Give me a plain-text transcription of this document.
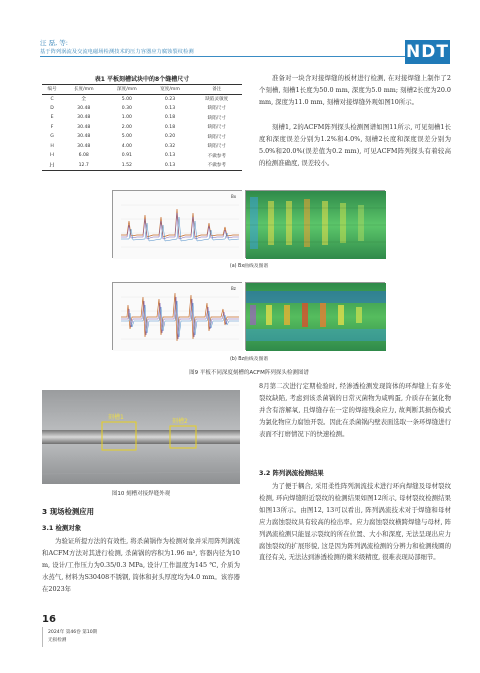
汪 磊, 等:
基于阵列涡流及交流电磁场检测技术的压力容器应力腐蚀裂纹检测	NDT
表1 平板刻槽试块中的8个缝槽尺寸
编号	长度/mm	深度/mm	宽度/mm	备注
C	全	5.00	0.23	缺陷灵敏度
D	30.48	0.30	0.13	缺陷尺寸
E	30.48	1.00	0.18	缺陷尺寸
F	30.48	2.00	0.18	缺陷尺寸
G	30.48	5.00	0.20	缺陷尺寸
H	30.48	4.00	0.32	缺陷尺寸
I-I	6.08	0.91	0.13	不做参考
J-J	12.7	1.52	0.13	不做参考

准备对一块含对接焊缝的板材进行检测, 在对接焊缝上制作了2个刻槽, 刻槽1长度为50.0 mm, 深度为5.0 mm; 刻槽2长度为20.0 mm, 深度为11.0 mm, 刻槽对接焊缝外观如图10所示。

刻槽1, 2的ACFM阵列探头检测图谱如图11所示, 可见刻槽1长度和深度误差分别为1.2%和4.0%, 刻槽2长度和深度误差分别为5.0%和20.0%(误差值为0.2 mm), 可见ACFM阵列探头有着较高的检测准确度, 误差较小。

Bx
(a) Bx曲线及图谱
Bz
(b) Bz曲线及图谱
图9 平板不同深度刻槽的ACFM阵列探头检测图谱
刻槽1
刻槽2
图10 刻槽对接焊缝外观
3 现场检测应用
3.1 检测对象

为验证所提方法的有效性, 将杀菌锅作为检测对象并采用阵列涡流和ACFM方法对其进行检测, 杀菌锅的容积为1.96 m³, 容器内径为10 m, 设计/工作压力为0.35/0.3 MPa, 设计/工作温度为145 ℃, 介质为水蒸气, 材料为S30408不锈钢, 筒体和封头厚度均为4.0 mm。该容器在2023年

8月第二次进行定期检验时, 经渗透检测发现筒体的环焊缝上有多处裂纹缺陷, 考虑到该杀菌锅的日常灭菌物为咸鸭蛋, 介质存在氯化物并含有溶解氧, 且焊缝存在一定的焊接残余应力, 故判断其损伤模式为氯化物应力腐蚀开裂。因此在杀菌锅内壁表面选取一条环焊缝进行表面不打磨情况下的快速检测。

3.2 阵列涡流检测结果

为了便于耦合, 采用柔性阵列涡流技术进行环向焊缝及母材裂纹检测, 环向焊缝附近裂纹的检测结果如图12所示, 母材裂纹检测结果如图13所示。由图12, 13可以看出, 阵列涡流技术对于焊缝和母材应力腐蚀裂纹具有较高的检出率。应力腐蚀裂纹横跨焊缝与母材, 阵列涡流检测只能显示裂纹的所在位置、大小和深度, 无法呈现出应力腐蚀裂纹的扩展形貌, 这是因为阵列涡流检测的分辨力和检测线圈的直径有关, 无法达到渗透检测的微米级精度, 很难表现局部细节。

16
2024年 第46卷 第10期
无损检测
